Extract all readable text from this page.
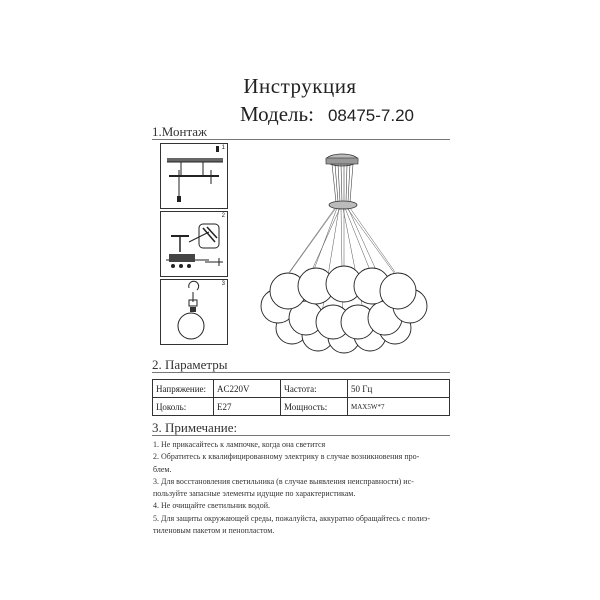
Инструкция
Модель: 08475-7.20
1.Монтаж
1
2
3
2. Параметры
Напряжение:	AC220V	Частота:	50 Гц
Цоколь:	E27	Мощность:	MAX5W*7
3. Примечание:
1. Не прикасайтесь к лампочке, когда она светится
2. Обратитесь к квалифицированному электрику в случае возникновения про-
блем.
3. Для восстановления светильника (в случае выявления неисправности) ис-
пользуйте запасные элементы идущие по характеристикам.
4. Не очищайте светильник водой.
5. Для защиты окружающей среды, пожалуйста, аккуратно обращайтесь с полиэ-
тиленовым пакетом и пенопластом.
